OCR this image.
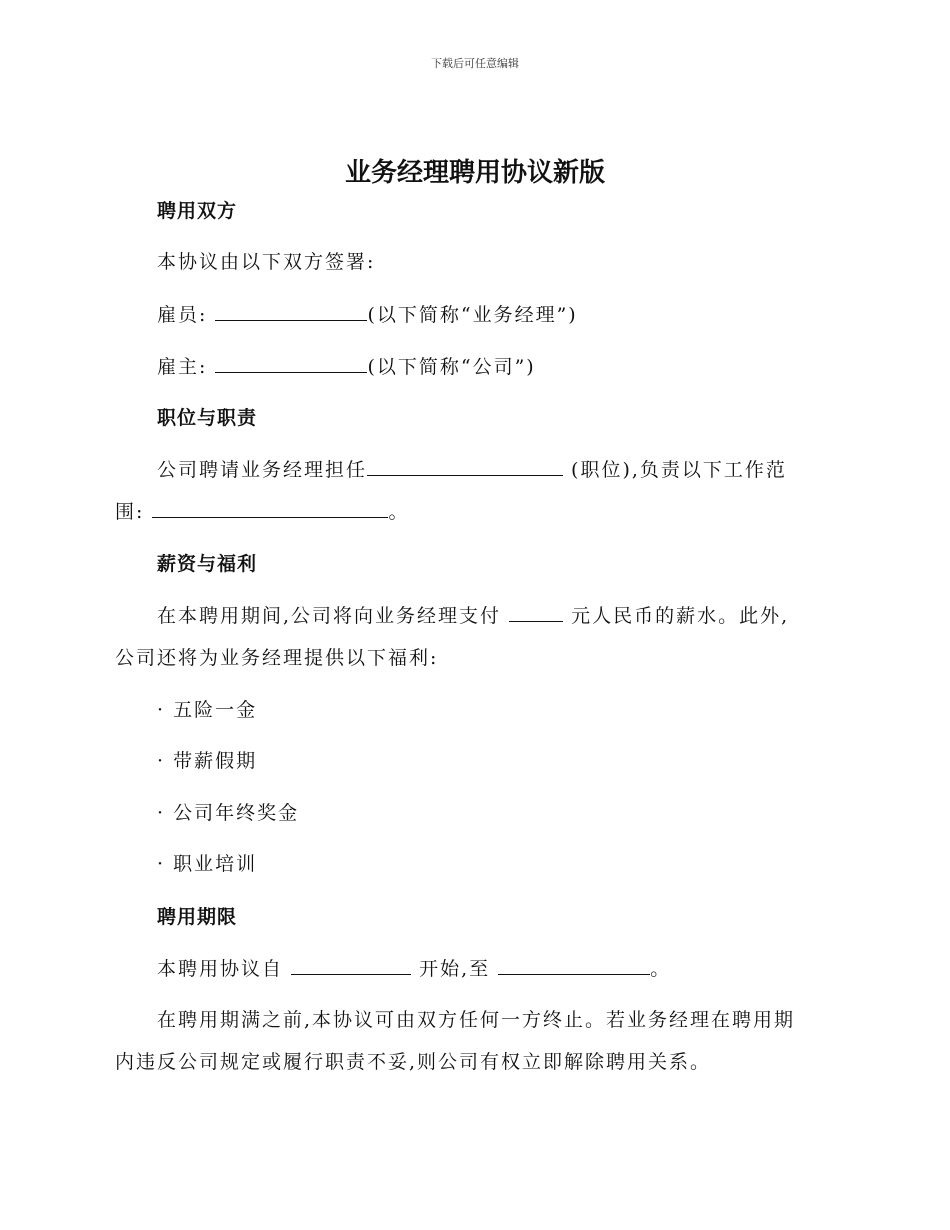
下载后可任意编辑
业务经理聘用协议新版
聘用双方
本协议由以下双方签署:
雇员:	(以下简称“业务经理”)
雇主:	(以下简称“公司”)
职位与职责
公司聘请业务经理担任	(职位),负责以下工作范
围:	。
薪资与福利
在本聘用期间,公司将向业务经理支付	元人民币的薪水。此外,
公司还将为业务经理提供以下福利:
· 五险一金
· 带薪假期
· 公司年终奖金
· 职业培训
聘用期限
本聘用协议自	开始,至	。
在聘用期满之前,本协议可由双方任何一方终止。若业务经理在聘用期
内违反公司规定或履行职责不妥,则公司有权立即解除聘用关系。
